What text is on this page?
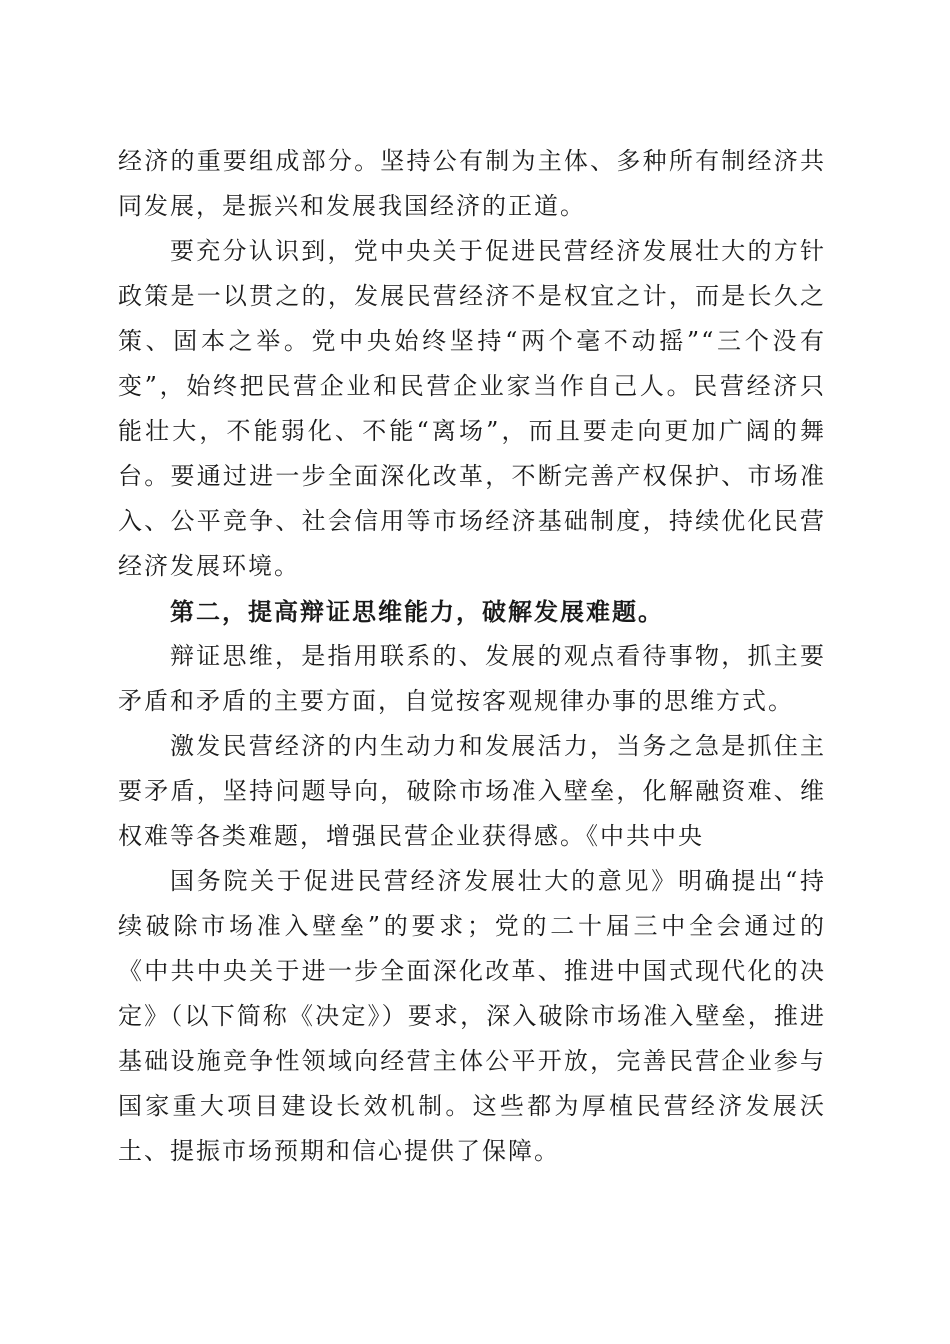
经济的重要组成部分。坚持公有制为主体、多种所有制经济共同发展，是振兴和发展我国经济的正道。

要充分认识到，党中央关于促进民营经济发展壮大的方针政策是一以贯之的，发展民营经济不是权宜之计，而是长久之策、固本之举。党中央始终坚持“两个毫不动摇”“三个没有变”，始终把民营企业和民营企业家当作自己人。民营经济只能壮大，不能弱化、不能“离场”，而且要走向更加广阔的舞台。要通过进一步全面深化改革，不断完善产权保护、市场准入、公平竞争、社会信用等市场经济基础制度，持续优化民营经济发展环境。

第二，提高辩证思维能力，破解发展难题。

辩证思维，是指用联系的、发展的观点看待事物，抓主要矛盾和矛盾的主要方面，自觉按客观规律办事的思维方式。

激发民营经济的内生动力和发展活力，当务之急是抓住主要矛盾，坚持问题导向，破除市场准入壁垒，化解融资难、维权难等各类难题，增强民营企业获得感。《中共中央

国务院关于促进民营经济发展壮大的意见》明确提出“持续破除市场准入壁垒”的要求；党的二十届三中全会通过的《中共中央关于进一步全面深化改革、推进中国式现代化的决定》（以下简称《决定》）要求，深入破除市场准入壁垒，推进基础设施竞争性领域向经营主体公平开放，完善民营企业参与国家重大项目建设长效机制。这些都为厚植民营经济发展沃土、提振市场预期和信心提供了保障。
